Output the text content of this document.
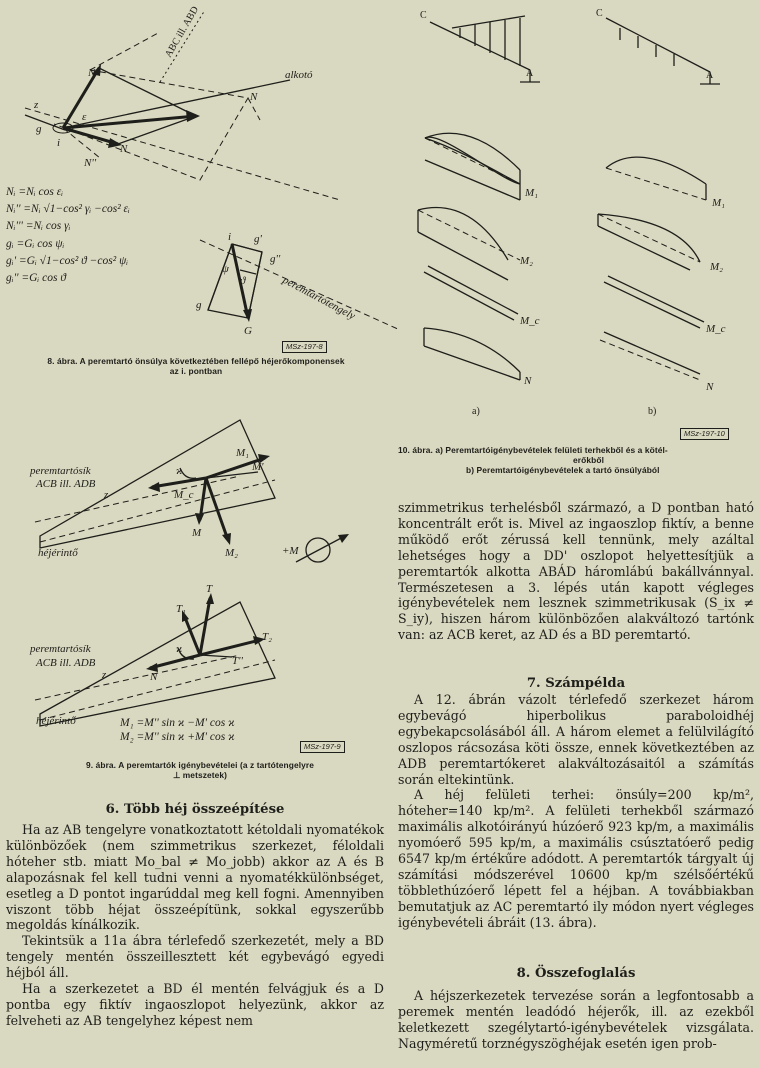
g
i
z
N'
N
N''
ε
alkotó
N
ABC ill. ABD
i g'
g''
ψ
ϑ
g
G
peremtartótengely
Nᵢ =Nᵢ cos εᵢ
Nᵢ'' =Nᵢ √1−cos² γᵢ −cos² εᵢ
Nᵢ''' =Nᵢ cos γᵢ
gᵢ =Gᵢ cos ψᵢ
gᵢ' =Gᵢ √1−cos² ϑ −cos² ψᵢ
gᵢ'' =Gᵢ cos ϑ
MSz-197-8
8. ábra. A peremtartó önsúlya következtében fellépő héjerőkomponensek
az i. pontban
M₁
M'
M_c
M
M₂
ϰ
z
peremtartósík
ACB ill. ADB
héjérintő	+M
T
T₁
T₂
T''
N
ϰ
z
peremtartósík
ACB ill. ADB
héjérintő	M₁ =M'' sin ϰ −M' cos ϰ
M₂ =M'' sin ϰ +M' cos ϰ
MSz-197-9
9. ábra. A peremtartók igénybevételei (a z tartótengelyre
⊥ metszetek)
C
A
C
A
M₁
M₂
M_c
N
M₁
M₂
M_c
N
a)	b)
MSz-197-10
10. ábra. a) Peremtartóigénybevételek felületi terhekből és a kötél-
erőkből
b) Peremtartóigénybevételek a tartó önsúlyából
6. Több héj összeépítése

Ha az AB tengelyre vonatkoztatott kétoldali nyomatékok különbözőek (nem szimmetrikus szerkezet, féloldali hóteher stb. miatt Mo_bal ≠ Mo_jobb) akkor az A és B alapozásnak fel kell tudni venni a nyomatékkülönbséget, esetleg a D pontot ingarúddal meg kell fogni. Amennyiben viszont több héjat összeépítünk, sokkal egyszerűbb megoldás kínálkozik.

Tekintsük a 11a ábra térlefedő szerkezetét, mely a BD tengely mentén összeillesztett két egybevágó egyedi héjból áll.

Ha a szerkezetet a BD él mentén felvágjuk és a D pontba egy fiktív ingaoszlopot helyezünk, akkor az felveheti az AB tengelyhez képest nem

szimmetrikus terhelésből származó, a D pontban ható koncentrált erőt is. Mivel az ingaoszlop fiktív, a benne működő erőt zérussá kell tennünk, mely azáltal lehetséges hogy a DD' oszlopot helyettesítjük a peremtartók alkotta ABÁD háromlábú bakállvánnyal. Természetesen a 3. lépés után kapott végleges igénybevételek nem lesznek szimmetrikusak (S_ix ≠ S_iy), hiszen három különbözően alakváltozó tartónk van: az ACB keret, az AD és a BD peremtartó.

7. Számpélda

A 12. ábrán vázolt térlefedő szerkezet három egybevágó hiperbolikus paraboloidhéj egybekapcsolásából áll. A három elemet a felülvilágító oszlopos rácsozása köti össze, ennek következtében az ADB peremtartókeret alakváltozásaitól a számítás során eltekintünk.

A héj felületi terhei: önsúly=200 kp/m², hóteher=140 kp/m². A felületi terhekből származó maximális alkotóirányú húzóerő 923 kp/m, a maximális nyomóerő 595 kp/m, a maximális csúsztatóerő pedig 6547 kp/m értékűre adódott. A peremtartók tárgyalt új számítási módszerével 10600 kp/m szélsőértékű többlethúzóerő lépett fel a héjban. A továbbiakban bemutatjuk az AC peremtartó ily módon nyert végleges igénybevételi ábráit (13. ábra).

8. Összefoglalás

A héjszerkezetek tervezése során a legfontosabb a peremek mentén leadódó héjerők, ill. az ezekből keletkezett szegélytartó-igénybevételek vizsgálata. Nagyméretű torznégyszöghéjak esetén igen prob-
